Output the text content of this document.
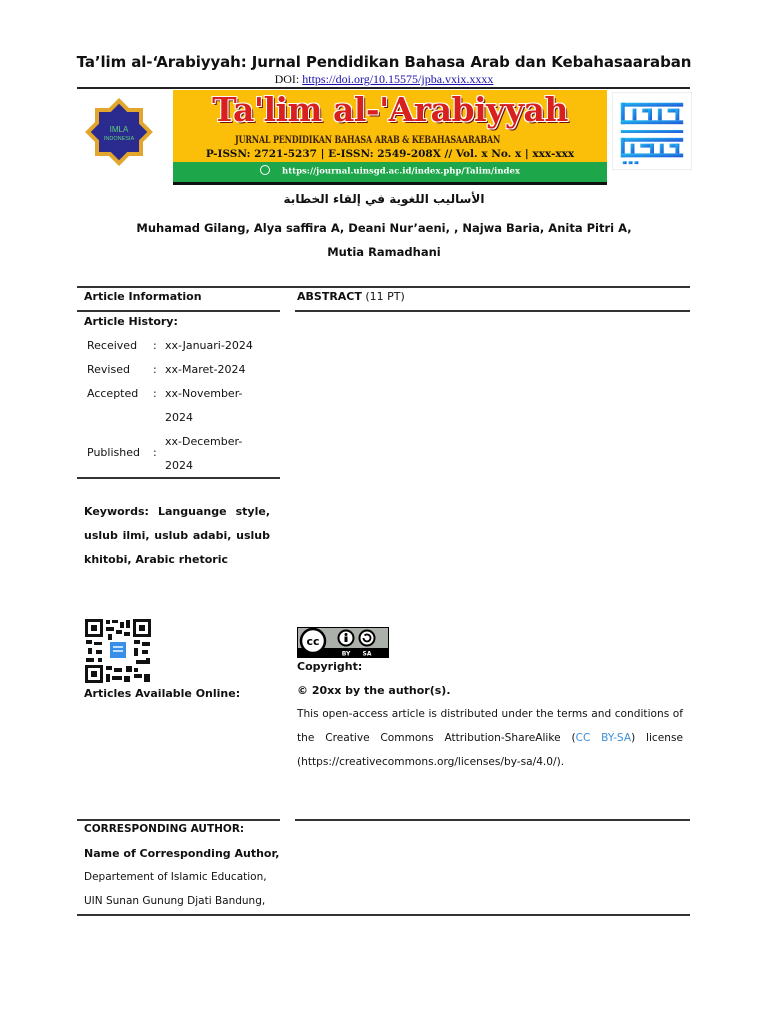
Ta’lim al-‘Arabiyyah: Jurnal Pendidikan Bahasa Arab dan Kebahasaaraban
DOI: https://doi.org/10.15575/jpba.vxix.xxxx
IMLA
INDONESIA
Ta'lim al-'Arabiyyah
JURNAL PENDIDIKAN BAHASA ARAB & KEBAHASAARABAN
P-ISSN: 2721-5237 | E-ISSN: 2549-208X // Vol. x No. x | xxx-xxx
https://journal.uinsgd.ac.id/index.php/Talim/index
الأساليب اللغوية في إلقاء الخطابة
Muhamad Gilang, Alya saffira A, Deani Nur’aeni, , Najwa Baria, Anita Pitri A, Mutia Ramadhani
Article Information	ABSTRACT (11 PT)
Article History:
Received : xx-Januari-2024
Revised : xx-Maret-2024
Accepted : xx-November-2024
Published :
xx-December-2024
Keywords: Languange style, uslub ilmi, uslub adabi, uslub khitobi, Arabic rhetoric
Articles Available Online:
cc
BY SA
Copyright:
© 20xx by the author(s).
This open-access article is distributed under the terms and conditions of the Creative Commons Attribution-ShareAlike (CC BY-SA) license (https://creativecommons.org/licenses/by-sa/4.0/).
CORRESPONDING AUTHOR:
Name of Corresponding Author,
Departement of Islamic Education,
UIN Sunan Gunung Djati Bandung,
